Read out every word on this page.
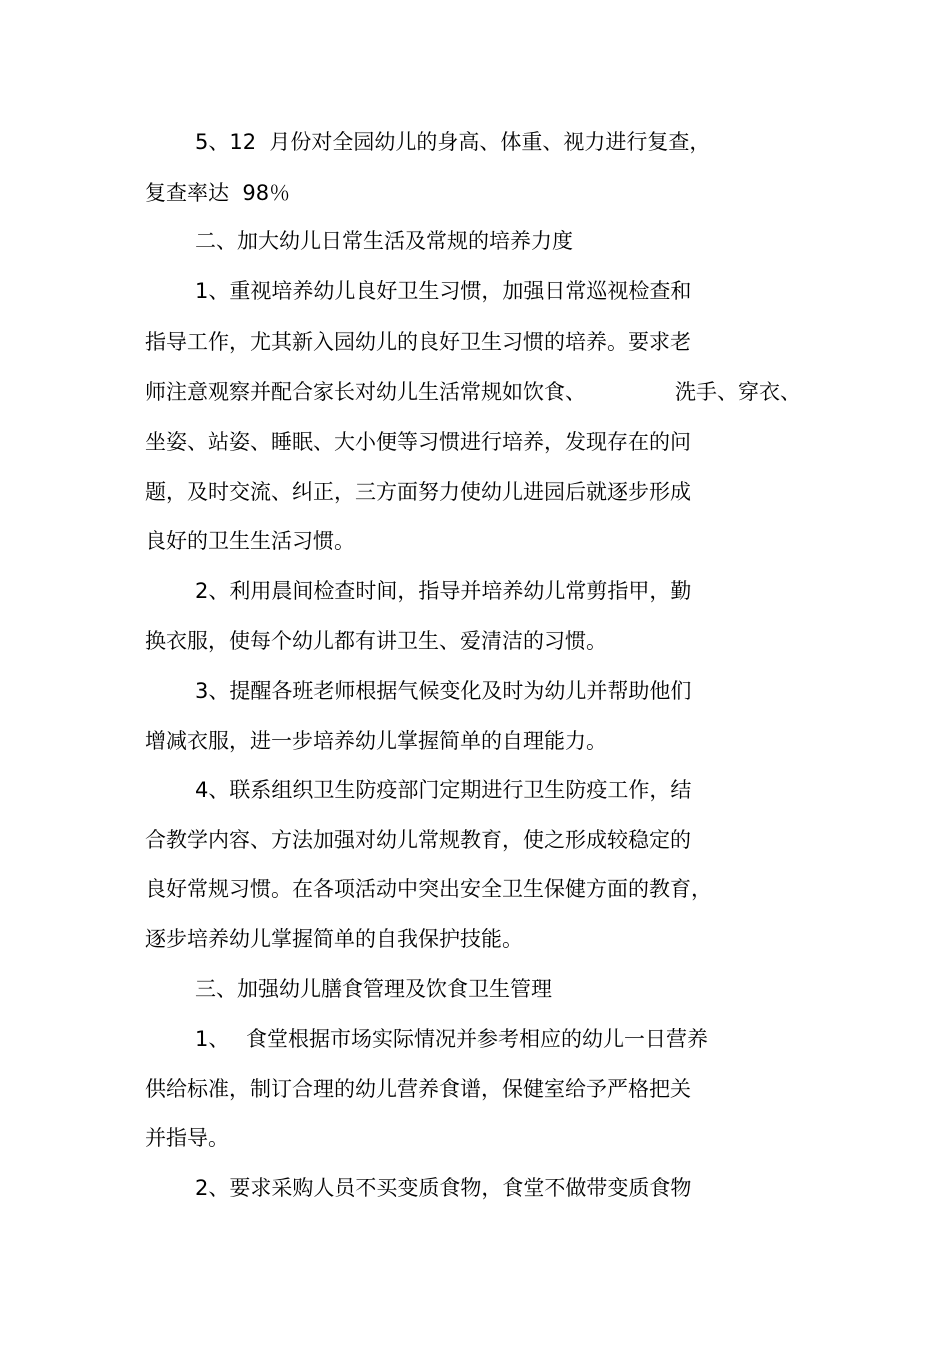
5、12  月份对全园幼儿的身高、体重、视力进行复查，
复查率达  98％
二、加大幼儿日常生活及常规的培养力度
1、重视培养幼儿良好卫生习惯，加强日常巡视检查和
指导工作，尤其新入园幼儿的良好卫生习惯的培养。要求老
师注意观察并配合家长对幼儿生活常规如饮食、	洗手、穿衣、
坐姿、站姿、睡眠、大小便等习惯进行培养，发现存在的问
题，及时交流、纠正，三方面努力使幼儿进园后就逐步形成
良好的卫生生活习惯。
2、利用晨间检查时间，指导并培养幼儿常剪指甲，勤
换衣服，使每个幼儿都有讲卫生、爱清洁的习惯。
3、提醒各班老师根据气候变化及时为幼儿并帮助他们
增减衣服，进一步培养幼儿掌握简单的自理能力。
4、联系组织卫生防疫部门定期进行卫生防疫工作，结
合教学内容、方法加强对幼儿常规教育，使之形成较稳定的
良好常规习惯。在各项活动中突出安全卫生保健方面的教育，
逐步培养幼儿掌握简单的自我保护技能。
三、加强幼儿膳食管理及饮食卫生管理
1、 食堂根据市场实际情况并参考相应的幼儿一日营养
供给标准，制订合理的幼儿营养食谱，保健室给予严格把关
并指导。
2、要求采购人员不买变质食物，食堂不做带变质食物
